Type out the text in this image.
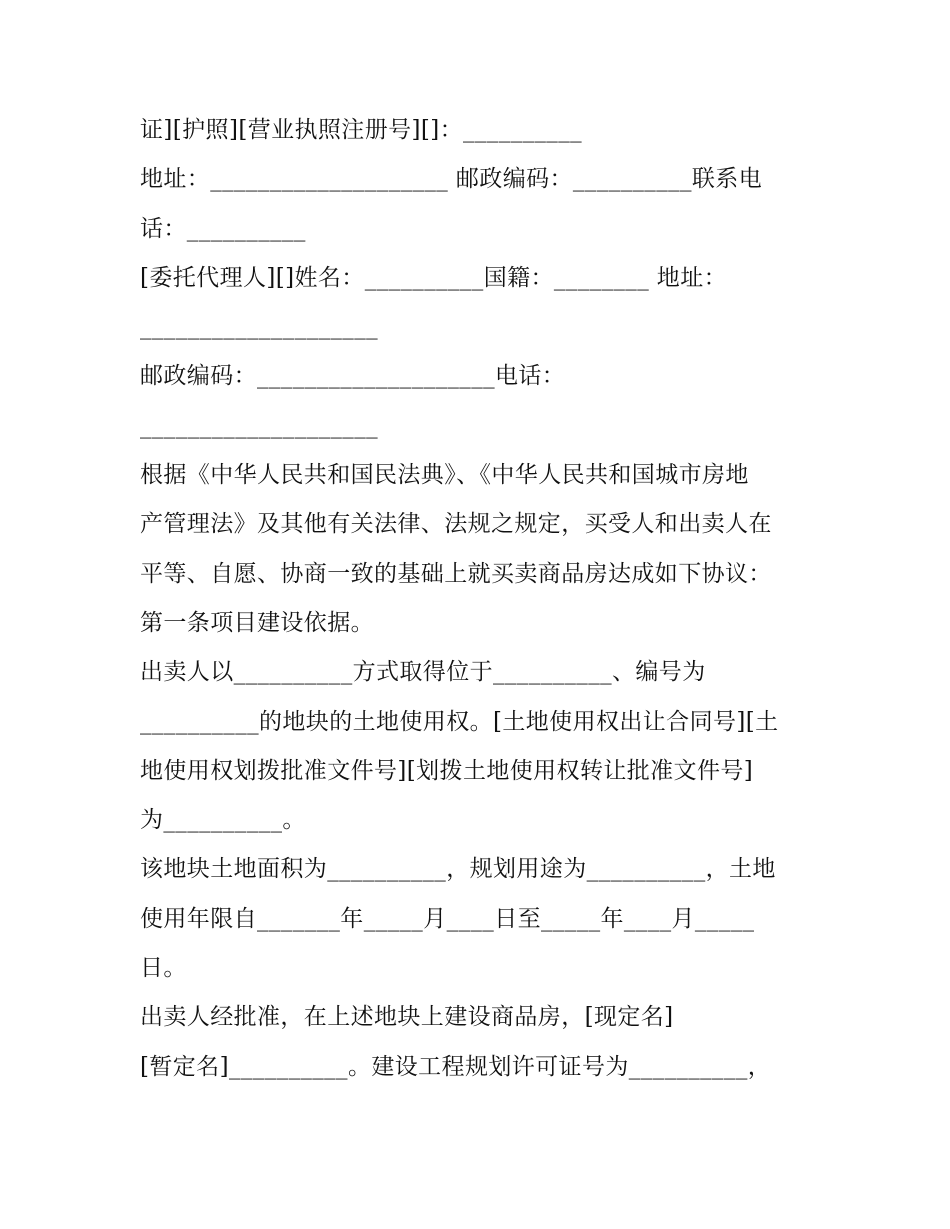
证][护照][营业执照注册号][]：__________
地址：____________________ 邮政编码：__________联系电
话：__________
[委托代理人][]姓名：__________国籍：________ 地址：
____________________
邮政编码：____________________电话：
____________________
根据《中华人民共和国民法典》、《中华人民共和国城市房地
产管理法》及其他有关法律、法规之规定，买受人和出卖人在
平等、自愿、协商一致的基础上就买卖商品房达成如下协议：
第一条项目建设依据。
出卖人以__________方式取得位于__________、编号为
__________的地块的土地使用权。[土地使用权出让合同号][土
地使用权划拨批准文件号][划拨土地使用权转让批准文件号]
为__________。
该地块土地面积为__________，规划用途为__________，土地
使用年限自_______年_____月____日至_____年____月_____
日。
出卖人经批准，在上述地块上建设商品房，[现定名]
[暂定名]__________。建设工程规划许可证号为__________，
